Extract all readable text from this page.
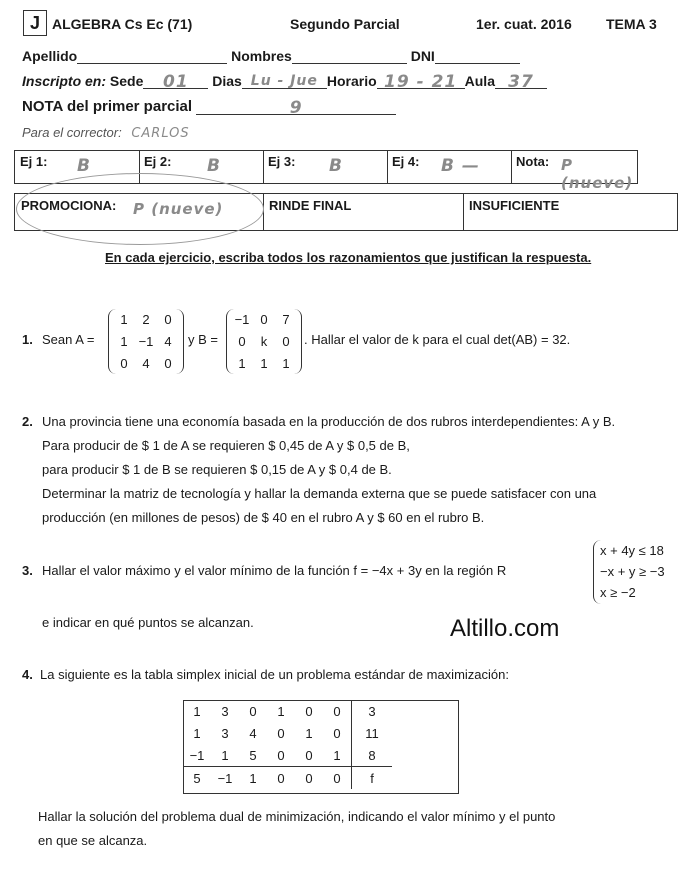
J ALGEBRA Cs Ec (71)	Segundo Parcial	1er. cuat. 2016 TEMA 3
Apellido	Nombres	DNI
Inscripto en: Sede 01 Dias Lu - Jue Horario 19 - 21 Aula 37
NOTA del primer parcial	9
Para el corrector: CARLOS
Ej 1: B	Ej 2: B	Ej 3: B	Ej 4: B —	Nota: P (nueve)
PROMOCIONA: P (nueve)	RINDE FINAL	INSUFICIENTE
En cada ejercicio, escriba todos los razonamientos que justifican la respuesta.
1. Sean A =
1	2	0
1 −1 4
0	4	0
y B =
−1 0	7
0	k	0
1	1	1
. Hallar el valor de k para el cual det(AB) = 32.
2. Una provincia tiene una economía basada en la producción de dos rubros interdependientes: A y B.
Para producir de $ 1 de A se requieren $ 0,45 de A y $ 0,5 de B,
para producir $ 1 de B se requieren $ 0,15 de A y $ 0,4 de B.
Determinar la matriz de tecnología y hallar la demanda externa que se puede satisfacer con una
producción (en millones de pesos) de $ 40 en el rubro A y $ 60 en el rubro B.
3. Hallar el valor máximo y el valor mínimo de la función f = −4x + 3y en la región R
x + 4y ≤ 18
−x + y ≥ −3
x ≥ −2
e indicar en qué puntos se alcanzan.	Altillo.com
4. La siguiente es la tabla simplex inicial de un problema estándar de maximización:
1	3	0	1	0	0	3
1	3	4	0	1	0	11
−1	1	5	0	0	1	8
5	−1	1	0	0	0	f
Hallar la solución del problema dual de minimización, indicando el valor mínimo y el punto
en que se alcanza.
